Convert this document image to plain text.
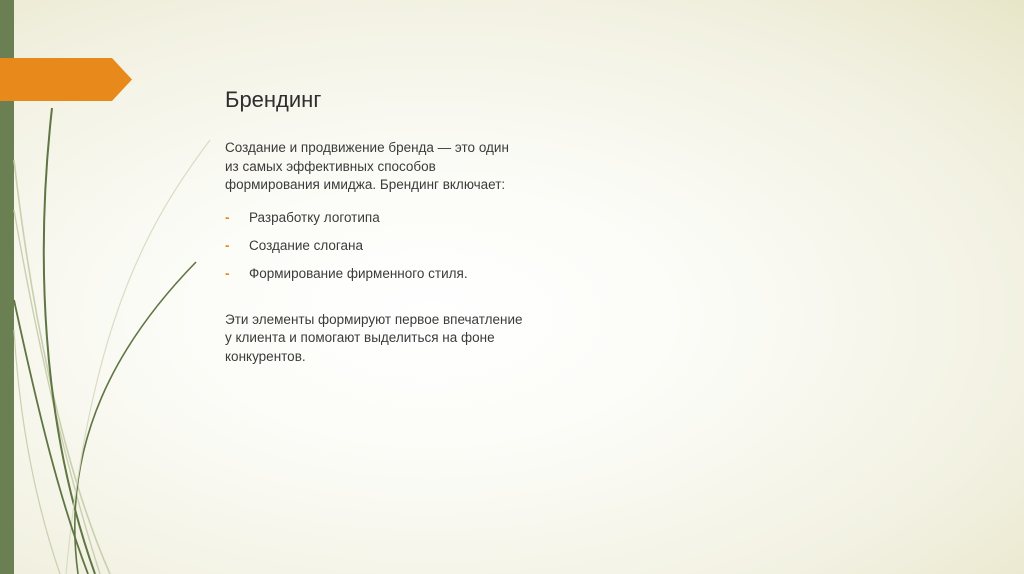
Брендинг

Создание и продвижение бренда — это один из самых эффективных способов формирования имиджа. Брендинг включает:

- Разработку логотипа
- Создание слогана
- Формирование фирменного стиля.

Эти элементы формируют первое впечатление у клиента и помогают выделиться на фоне конкурентов.
